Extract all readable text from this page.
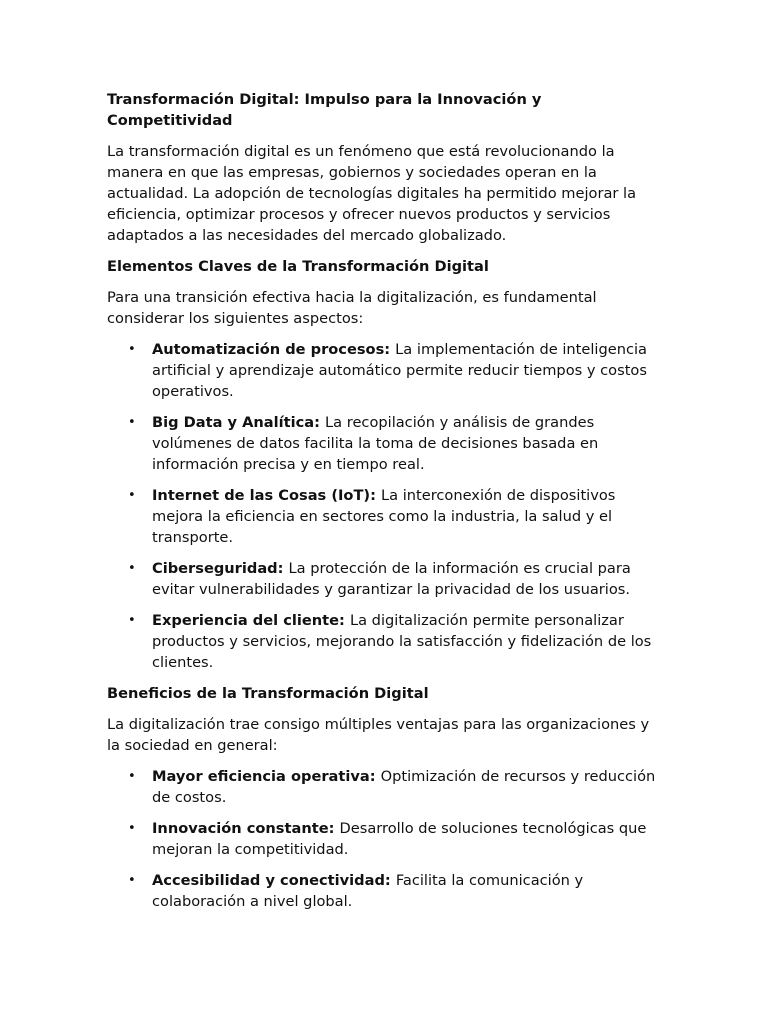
Transformación Digital: Impulso para la Innovación y Competitividad

La transformación digital es un fenómeno que está revolucionando la manera en que las empresas, gobiernos y sociedades operan en la actualidad. La adopción de tecnologías digitales ha permitido mejorar la eficiencia, optimizar procesos y ofrecer nuevos productos y servicios adaptados a las necesidades del mercado globalizado.

Elementos Claves de la Transformación Digital

Para una transición efectiva hacia la digitalización, es fundamental considerar los siguientes aspectos:

• Automatización de procesos: La implementación de inteligencia artificial y aprendizaje automático permite reducir tiempos y costos operativos.
• Big Data y Analítica: La recopilación y análisis de grandes volúmenes de datos facilita la toma de decisiones basada en información precisa y en tiempo real.
• Internet de las Cosas (IoT): La interconexión de dispositivos mejora la eficiencia en sectores como la industria, la salud y el transporte.
• Ciberseguridad: La protección de la información es crucial para evitar vulnerabilidades y garantizar la privacidad de los usuarios.
• Experiencia del cliente: La digitalización permite personalizar productos y servicios, mejorando la satisfacción y fidelización de los clientes.
Beneficios de la Transformación Digital

La digitalización trae consigo múltiples ventajas para las organizaciones y la sociedad en general:

• Mayor eficiencia operativa: Optimización de recursos y reducción de costos.
• Innovación constante: Desarrollo de soluciones tecnológicas que mejoran la competitividad.
• Accesibilidad y conectividad: Facilita la comunicación y colaboración a nivel global.
